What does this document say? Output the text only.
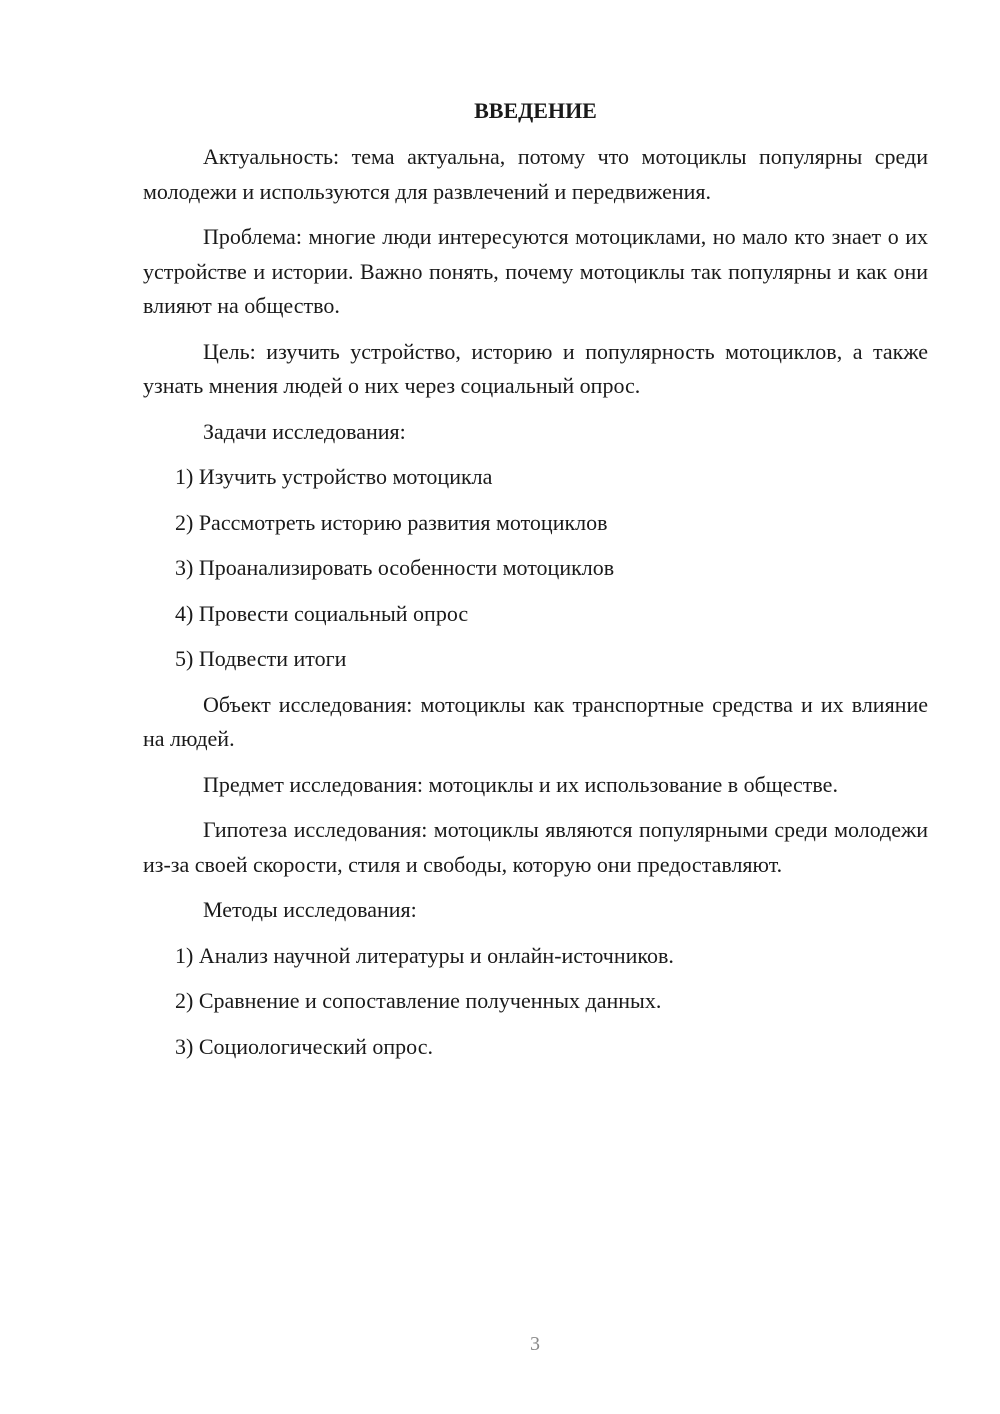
ВВЕДЕНИЕ

Актуальность: тема актуальна, потому что мотоциклы популярны среди молодежи и используются для развлечений и передвижения.

Проблема: многие люди интересуются мотоциклами, но мало кто знает о их устройстве и истории. Важно понять, почему мотоциклы так популярны и как они влияют на общество.

Цель: изучить устройство, историю и популярность мотоциклов, а также узнать мнения людей о них через социальный опрос.

Задачи исследования:
1) Изучить устройство мотоцикла
2) Рассмотреть историю развития мотоциклов
3) Проанализировать особенности мотоциклов
4) Провести социальный опрос
5) Подвести итоги

Объект исследования: мотоциклы как транспортные средства и их влияние на людей.

Предмет исследования: мотоциклы и их использование в обществе.

Гипотеза исследования: мотоциклы являются популярными среди молодежи из-за своей скорости, стиля и свободы, которую они предоставляют.

Методы исследования:
1) Анализ научной литературы и онлайн-источников.
2) Сравнение и сопоставление полученных данных.
3) Социологический опрос.
3
